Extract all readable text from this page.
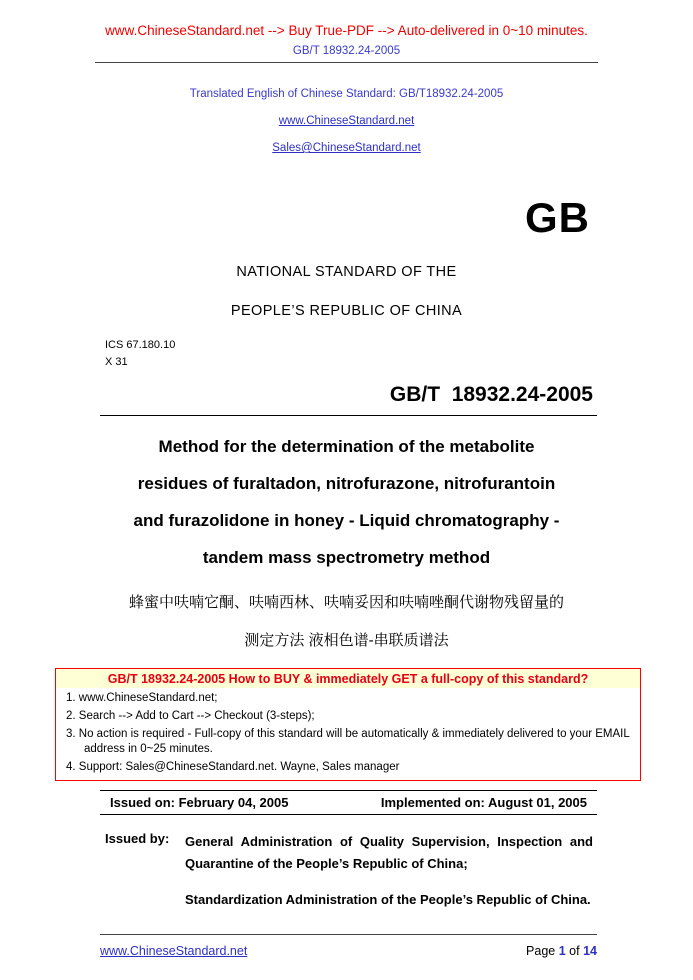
www.ChineseStandard.net --> Buy True-PDF --> Auto-delivered in 0~10 minutes.
GB/T 18932.24-2005
Translated English of Chinese Standard: GB/T18932.24-2005
www.ChineseStandard.net
Sales@ChineseStandard.net
GB
NATIONAL STANDARD OF THE
PEOPLE’S REPUBLIC OF CHINA
ICS 67.180.10
X 31
GB/T  18932.24-2005
Method for the determination of the metabolite
residues of furaltadon, nitrofurazone, nitrofurantoin
and furazolidone in honey - Liquid chromatography -
tandem mass spectrometry method
蜂蜜中呋喃它酮、呋喃西林、呋喃妥因和呋喃唑酮代谢物残留量的
测定方法 液相色谱-串联质谱法
GB/T 18932.24-2005 How to BUY & immediately GET a full-copy of this standard?
1. www.ChineseStandard.net;
2. Search --> Add to Cart --> Checkout (3-steps);
3. No action is required - Full-copy of this standard will be automatically & immediately delivered to your EMAIL address in 0~25 minutes.
4. Support: Sales@ChineseStandard.net. Wayne, Sales manager
Issued on: February 04, 2005	Implemented on: August 01, 2005
Issued by:	General Administration of Quality Supervision, Inspection and Quarantine of the People’s Republic of China;
Standardization Administration of the People’s Republic of China.
www.ChineseStandard.net	Page 1 of 14
